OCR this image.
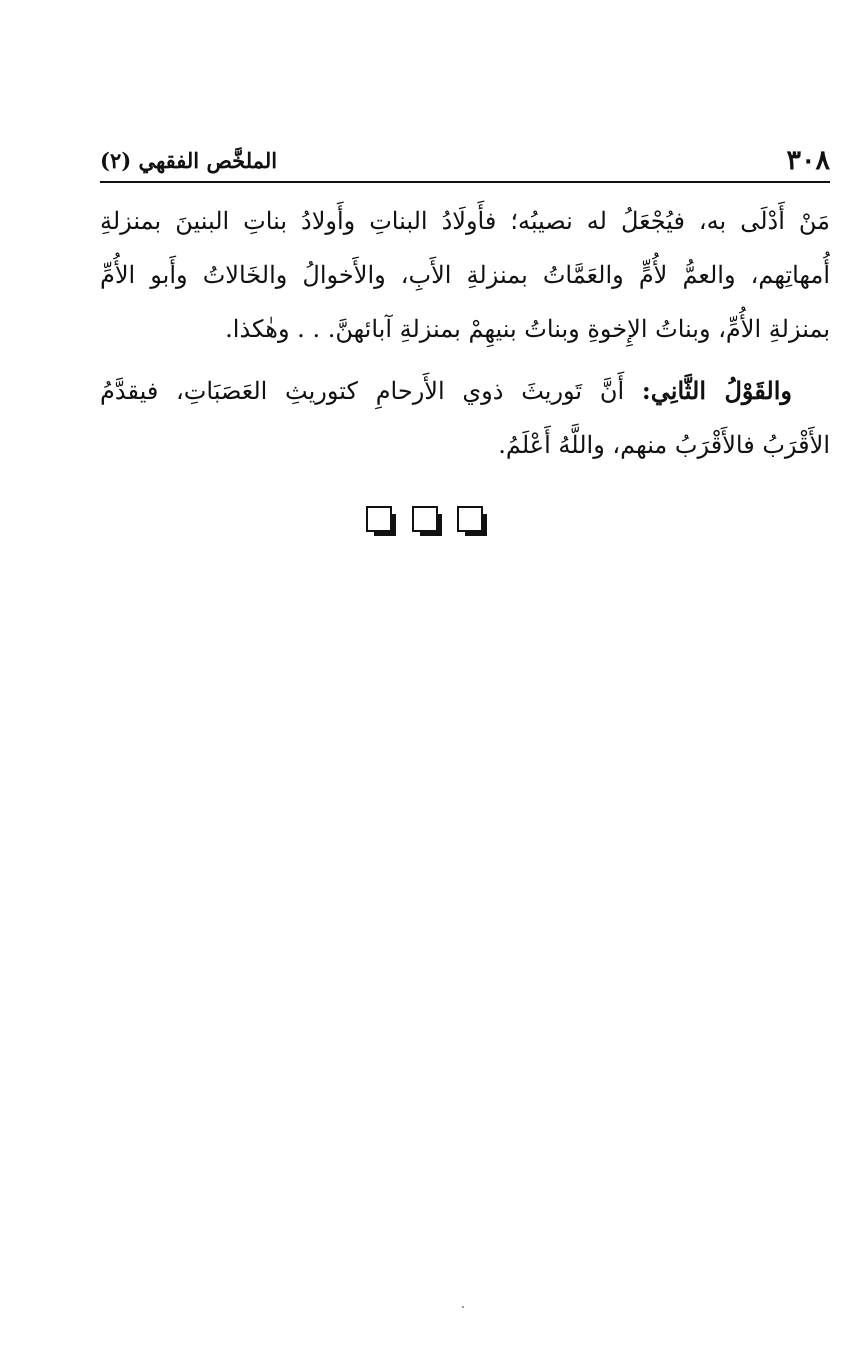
٣٠٨
الملخَّص الفقهي (٢)
مَنْ أَدْلَى به، فيُجْعَلُ له نصيبُه؛ فأَولَادُ البناتِ وأَولادُ بناتِ البنينَ بمنزلةِ
أُمهاتِهم، والعمُّ لأُمٍّ والعَمَّاتُ بمنزلةِ الأَبِ، والأَخوالُ والخَالاتُ وأَبو الأُمِّ
بمنزلةِ الأُمِّ، وبناتُ الإِخوةِ وبناتُ بنيهِمْ بمنزلةِ آبائهنَّ. . . وهٰكذا.
والقَوْلُ الثَّانِي: أَنَّ تَوريثَ ذوي الأَرحامِ كتوريثِ العَصَبَاتِ، فيقدَّمُ
الأَقْرَبُ فالأَقْرَبُ منهم، واللَّهُ أَعْلَمُ.
